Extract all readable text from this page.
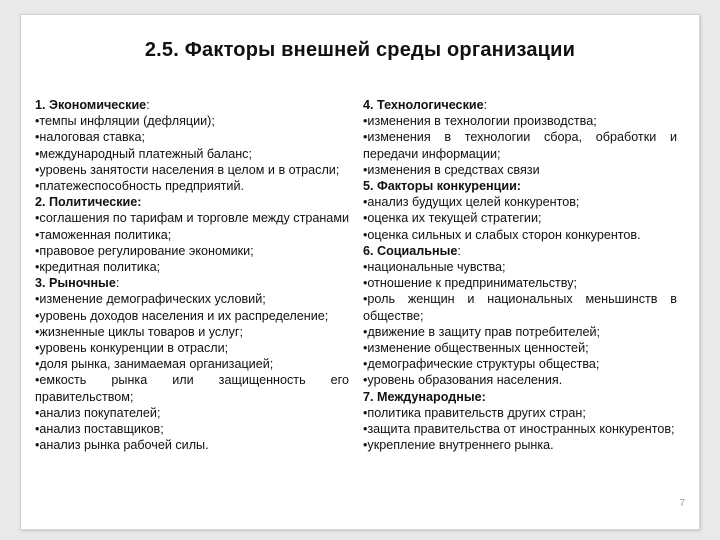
2.5. Факторы внешней среды организации

1. Экономические:

•темпы инфляции (дефляции);

•налоговая ставка;

•международный платежный баланс;

•уровень занятости населения в целом и в отрасли;

•платежеспособность предприятий.

2. Политические:

•соглашения по тарифам и торговле между странами

•таможенная политика;

•правовое регулирование экономики;

•кредитная политика;

3. Рыночные:

•изменение демографических условий;

•уровень доходов населения и их распределение;

•жизненные циклы товаров и услуг;

•уровень конкуренции в отрасли;

•доля рынка, занимаемая организацией;

•емкость рынка или защищенность его правительством;

•анализ покупателей;

•анализ поставщиков;

•анализ рынка рабочей силы.

4. Технологические:

•изменения в технологии производства;

•изменения в технологии сбора, обработки и передачи информации;

•изменения в средствах связи

5. Факторы конкуренции:

•анализ будущих целей конкурентов;

•оценка их текущей стратегии;

•оценка сильных и слабых сторон конкурентов.

6. Социальные:

•национальные чувства;

•отношение к предпринимательству;

•роль женщин и национальных меньшинств в обществе;

•движение в защиту прав потребителей;

•изменение общественных ценностей;

•демографические структуры общества;

•уровень образования населения.

7. Международные:

•политика правительств других стран;

•защита правительства от иностранных конкурентов;

•укрепление внутреннего рынка.

7
